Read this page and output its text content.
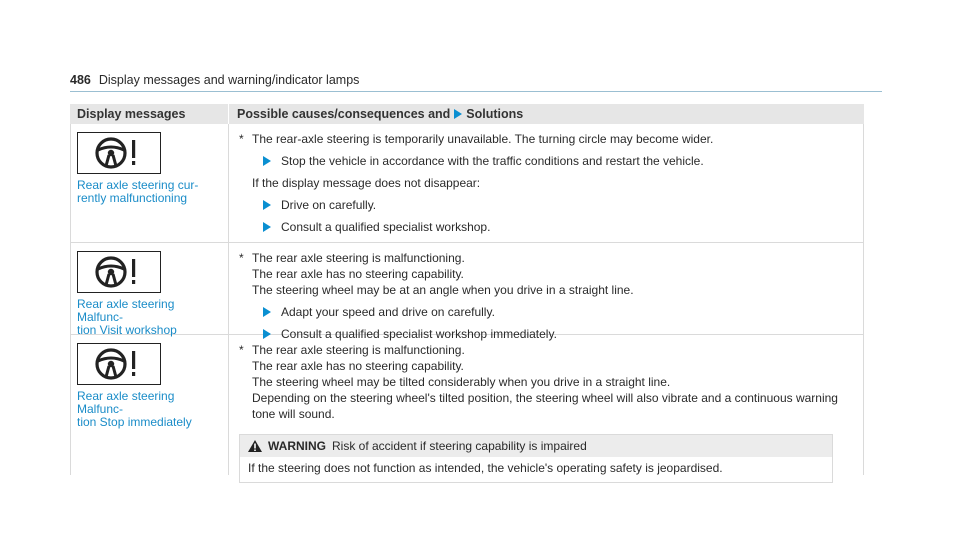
486 Display messages and warning/indicator lamps
Display messages	Possible causes/consequences and Solutions
Rear axle steering cur-
rently malfunctioning
* The rear-axle steering is temporarily unavailable. The turning circle may become wider.
Stop the vehicle in accordance with the traffic conditions and restart the vehicle.
If the display message does not disappear:
Drive on carefully.
Consult a qualified specialist workshop.
Rear axle steering Malfunc-
tion Visit workshop
* The rear axle steering is malfunctioning.
The rear axle has no steering capability.
The steering wheel may be at an angle when you drive in a straight line.
Adapt your speed and drive on carefully.
Consult a qualified specialist workshop immediately.
Rear axle steering Malfunc-
tion Stop immediately
* The rear axle steering is malfunctioning.
The rear axle has no steering capability.
The steering wheel may be tilted considerably when you drive in a straight line.
Depending on the steering wheel's tilted position, the steering wheel will also vibrate and a continuous warning tone will sound.
WARNING Risk of accident if steering capability is impaired
If the steering does not function as intended, the vehicle's operating safety is jeopardised.
